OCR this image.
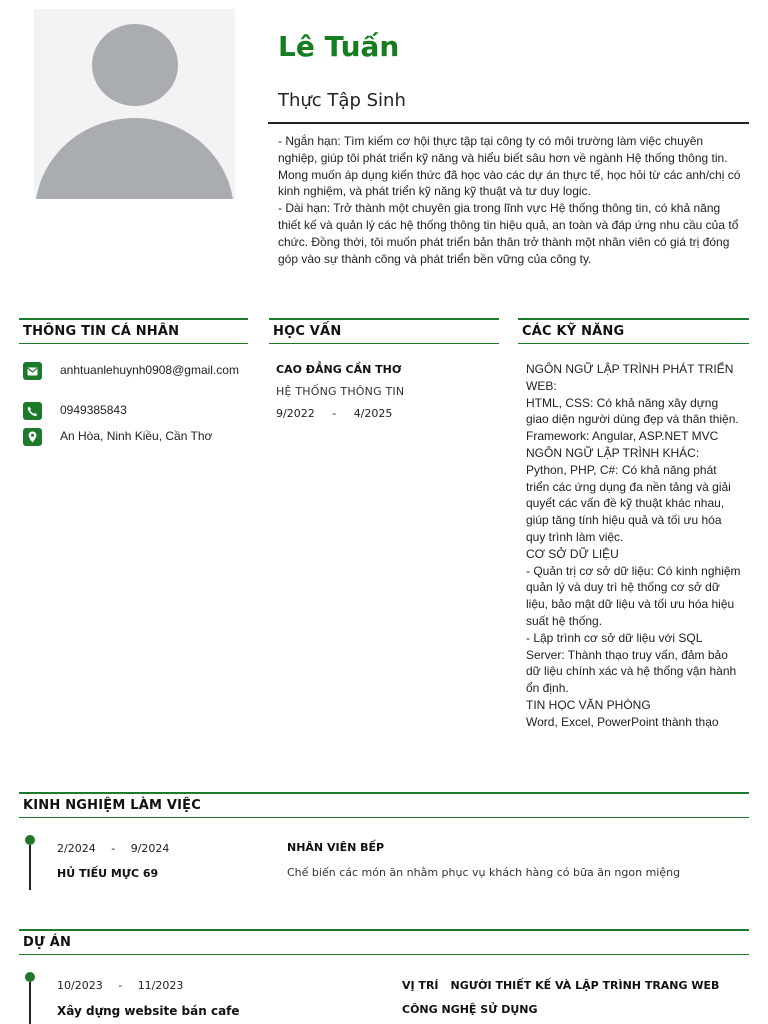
Lê Tuấn
Thực Tập Sinh

- Ngắn hạn: Tìm kiếm cơ hội thực tập tại công ty có môi trường làm việc chuyên nghiệp, giúp tôi phát triển kỹ năng và hiểu biết sâu hơn về ngành Hệ thống thông tin. Mong muốn áp dụng kiến thức đã học vào các dự án thực tế, học hỏi từ các anh/chị có kinh nghiệm, và phát triển kỹ năng kỹ thuật và tư duy logic.

- Dài hạn: Trở thành một chuyên gia trong lĩnh vực Hệ thống thông tin, có khả năng thiết kế và quản lý các hệ thống thông tin hiệu quả, an toàn và đáp ứng nhu cầu của tổ chức. Đồng thời, tôi muốn phát triển bản thân trở thành một nhân viên có giá trị đóng góp vào sự thành công và phát triển bền vững của công ty.

THÔNG TIN CÁ NHÂN
anhtuanlehuynh0908@gmail.com
0949385843
An Hòa, Ninh Kiều, Cần Thơ
HỌC VẤN
CAO ĐẲNG CẦN THƠ
HỆ THỐNG THÔNG TIN
9/2022 - 4/2025
CÁC KỸ NĂNG
NGÔN NGỮ LẬP TRÌNH PHÁT TRIỂN WEB:
HTML, CSS: Có khả năng xây dựng giao diện người dùng đẹp và thân thiện.
Framework: Angular, ASP.NET MVC
NGÔN NGỮ LẬP TRÌNH KHÁC:
Python, PHP, C#: Có khả năng phát triển các ứng dụng đa nền tảng và giải quyết các vấn đề kỹ thuật khác nhau, giúp tăng tính hiệu quả và tối ưu hóa quy trình làm việc.
CƠ SỞ DỮ LIỆU
- Quản trị cơ sở dữ liệu: Có kinh nghiệm quản lý và duy trì hệ thống cơ sở dữ liệu, bảo mật dữ liệu và tối ưu hóa hiệu suất hệ thống.
- Lập trình cơ sở dữ liệu với SQL Server: Thành thạo truy vấn, đảm bảo dữ liệu chính xác và hệ thống vận hành ổn định.
TIN HỌC VĂN PHÒNG
Word, Excel, PowerPoint thành thạo
KINH NGHIỆM LÀM VIỆC
2/2024 - 9/2024
HỦ TIẾU MỰC 69
NHÂN VIÊN BẾP
Chế biến các món ăn nhằm phục vụ khách hàng có bữa ăn ngon miệng
DỰ ÁN
10/2023 - 11/2023
Xây dựng website bán cafe
VỊ TRÍ NGƯỜI THIẾT KẾ VÀ LẬP TRÌNH TRANG WEB
CÔNG NGHỆ SỬ DỤNG
